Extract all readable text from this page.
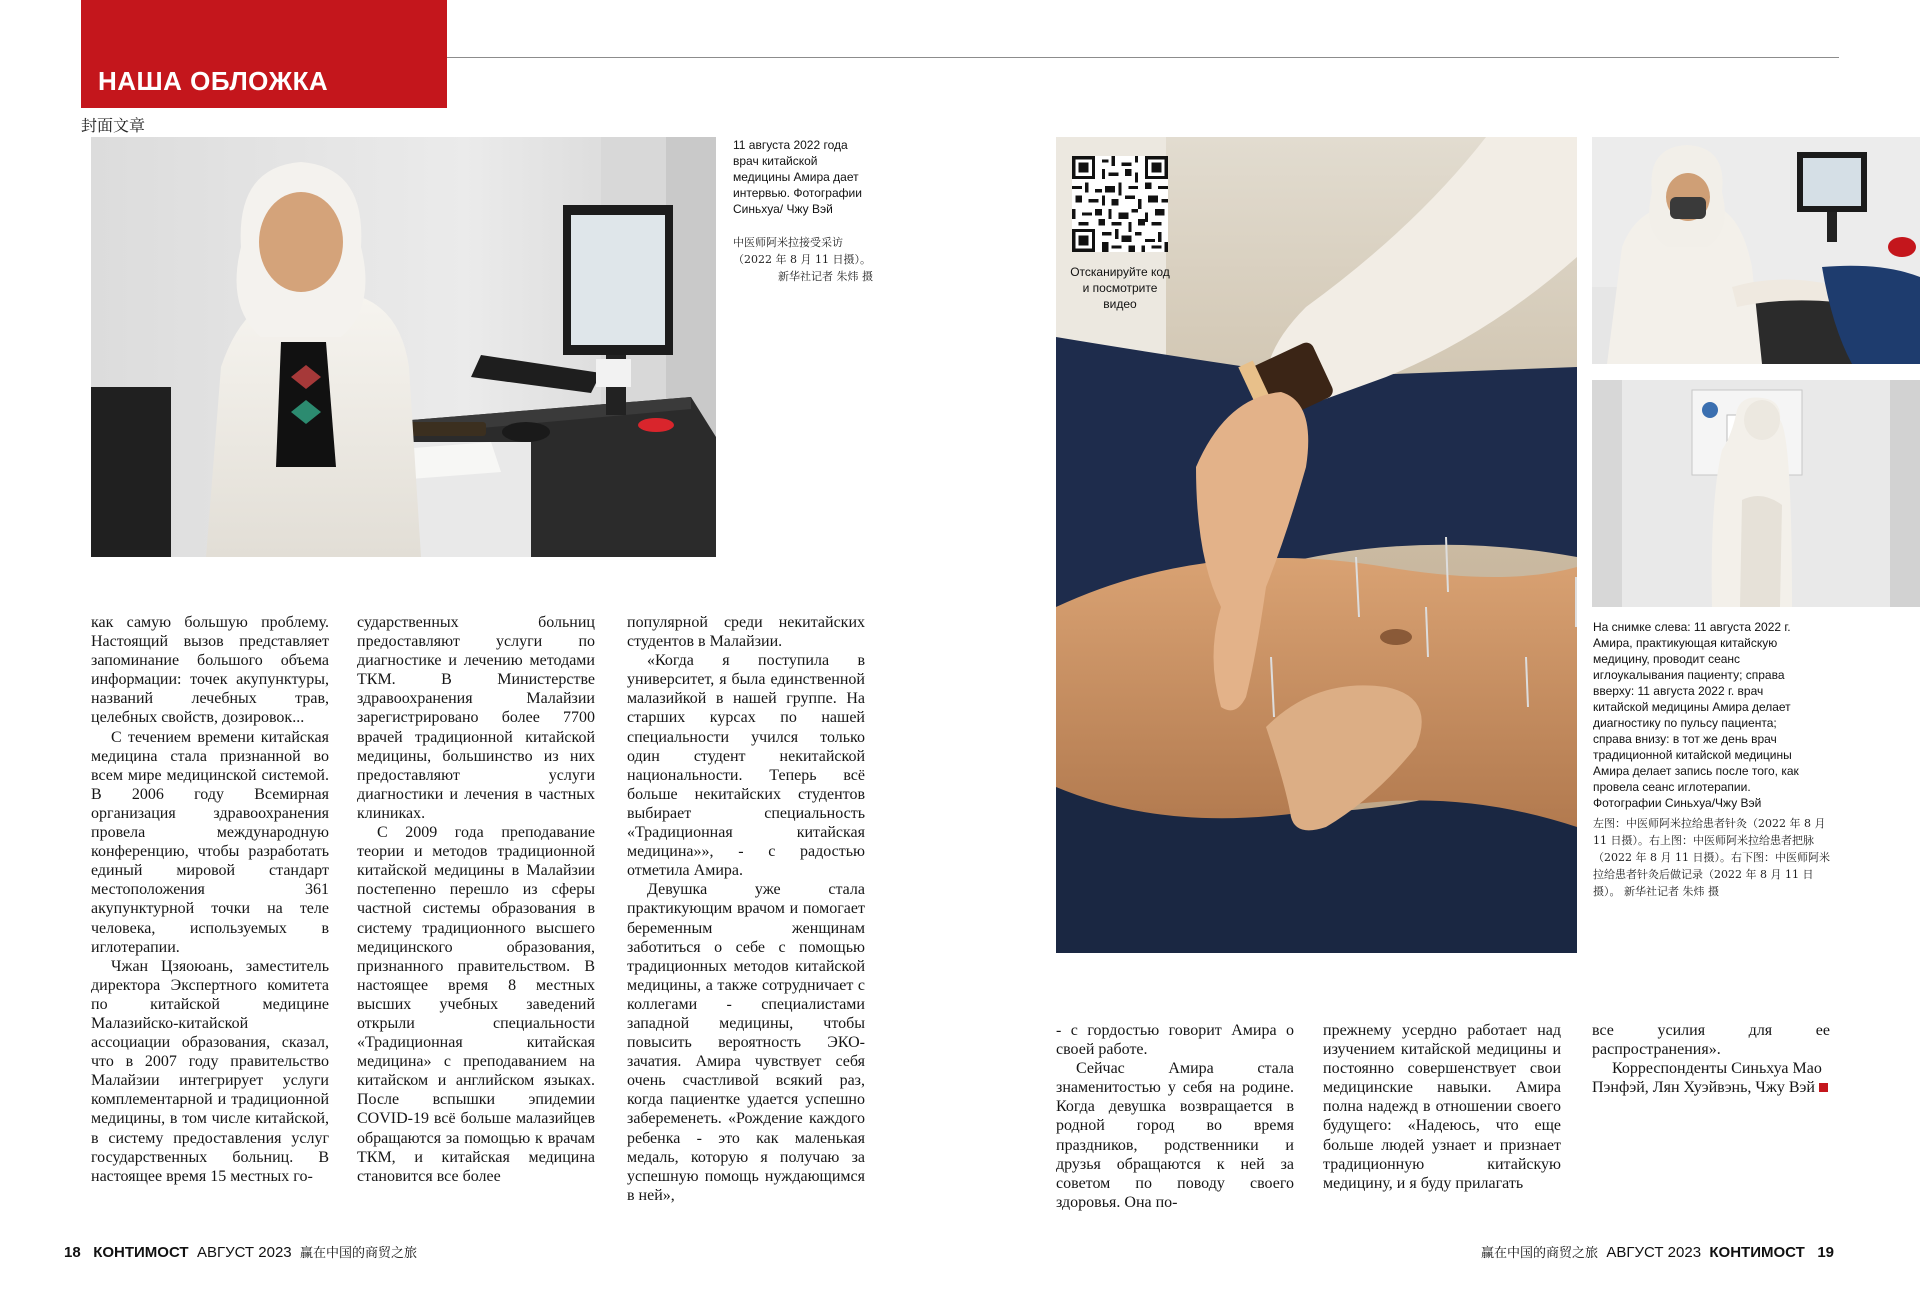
НАША ОБЛОЖКА
封面文章
11 августа 2022 года врач китайской медицины Амира дает интервью. Фотографии Синьхуа/ Чжу Вэй
中医师阿米拉接受采访
（2022 年 8 月 11 日摄）。
新华社记者 朱炜 摄	Отсканируйте код и посмотрите видео
На снимке слева: 11 августа 2022 г. Амира, практикующая китайскую медицину, проводит сеанс иглоукалывания пациенту; справа вверху: 11 августа 2022 г. врач китайской медицины Амира делает диагностику по пульсу пациента; справа внизу: в тот же день врач традиционной китайской медицины Амира делает запись после того, как провела сеанс иглотерапии. Фотографии Синьхуа/Чжу Вэй
左图：中医师阿米拉给患者针灸（2022 年 8 月 11 日摄）。右上图：中医师阿米拉给患者把脉（2022 年 8 月 11 日摄）。右下图：中医师阿米拉给患者针灸后做记录（2022 年 8 月 11 日摄）。 新华社记者 朱炜 摄

как самую большую проблему. Настоящий вызов представляет запоминание большого объема информации: точек акупунктуры, названий лечебных трав, целебных свойств, дозировок...

С течением времени китайская медицина стала признанной во всем мире медицинской системой. В 2006 году Всемирная организация здравоохранения провела международную конференцию, чтобы разработать единый мировой стандарт местоположения 361 акупунктурной точки на теле человека, используемых в иглотерапии.

Чжан Цзяоюань, заместитель директора Экспертного комитета по китайской медицине Малазийско-китайской ассоциации образования, сказал, что в 2007 году правительство Малайзии интегрирует услуги комплементарной и традиционной медицины, в том числе китайской, в систему предоставления услуг государственных больниц. В настоящее время 15 местных го-

сударственных больниц предоставляют услуги по диагностике и лечению методами ТКМ. В Министерстве здравоохранения Малайзии зарегистрировано более 7700 врачей традиционной китайской медицины, большинство из них предоставляют услуги диагностики и лечения в частных клиниках.

С 2009 года преподавание теории и методов традиционной китайской медицины в Малайзии постепенно перешло из сферы частной системы образования в систему традиционного высшего медицинского образования, признанного правительством. В настоящее время 8 местных высших учебных заведений открыли специальности «Традиционная китайская медицина» с преподаванием на китайском и английском языках. После вспышки эпидемии COVID-19 всё больше малазийцев обращаются за помощью к врачам ТКМ, и китайская медицина становится все более

популярной среди некитайских студентов в Малайзии.

«Когда я поступила в университет, я была единственной малазийкой в нашей группе. На старших курсах по нашей специальности учился только один студент некитайской национальности. Теперь всё больше некитайских студентов выбирает специальность «Традиционная китайская медицина»», - с радостью отметила Амира.

Девушка уже стала практикующим врачом и помогает беременным женщинам заботиться о себе с помощью традиционных методов китайской медицины, а также сотрудничает с коллегами - специалистами западной медицины, чтобы повысить вероятность ЭКО-зачатия. Амира чувствует себя очень счастливой всякий раз, когда пациентке удается успешно забеременеть. «Рождение каждого ребенка - это как маленькая медаль, которую я получаю за успешную помощь нуждающимся в ней»,

- с гордостью говорит Амира о своей работе.

Сейчас Амира стала знаменитостью у себя на родине. Когда девушка возвращается в родной город во время праздников, родственники и друзья обращаются к ней за советом по поводу своего здоровья. Она по-

прежнему усердно работает над изучением китайской медицины и постоянно совершенствует свои медицинские навыки. Амира полна надежд в отношении своего будущего: «Надеюсь, что еще больше людей узнает и признает традиционную китайскую медицину, и я буду прилагать

все усилия для ее распространения».

Корреспонденты Синьхуа Мао Пэнфэй, Лян Хуэйвэнь, Чжу Вэй

18 КОНТИМОСТ АВГУСТ 2023 赢在中国的商贸之旅	赢在中国的商贸之旅 АВГУСТ 2023 КОНТИМОСТ 19
